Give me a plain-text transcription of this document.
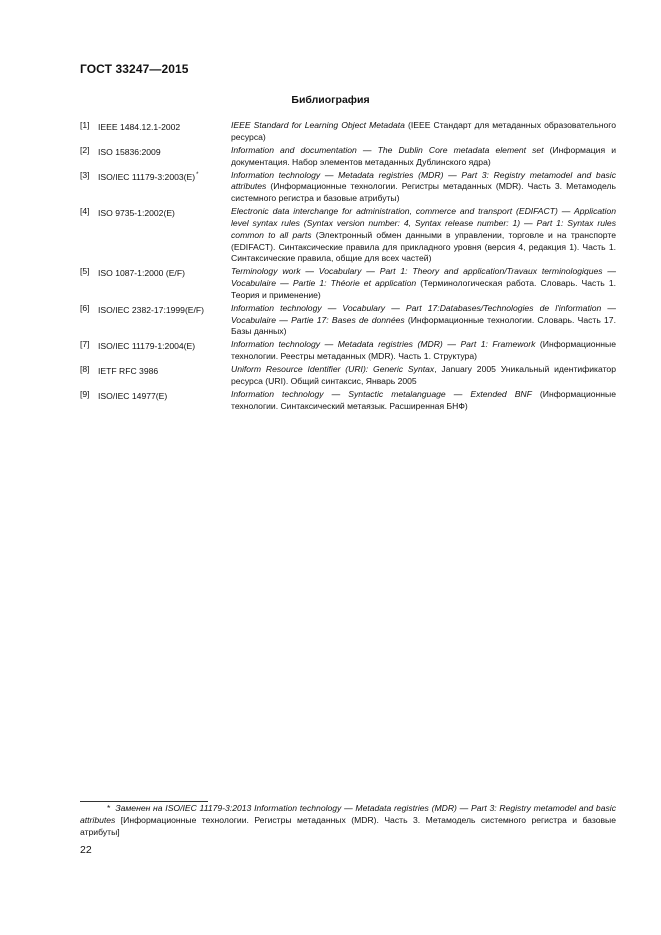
ГОСТ 33247—2015
Библиография
[1] IEEE 1484.12.1-2002	IEEE Standard for Learning Object Metadata (IEEE Стандарт для метаданных образовательного ресурса)
[2] ISO 15836:2009	Information and documentation — The Dublin Core metadata element set (Информация и документация. Набор элементов метаданных Дублинского ядра)
[3] ISO/IEC 11179-3:2003(E)*	Information technology — Metadata registries (MDR) — Part 3: Registry metamodel and basic attributes (Информационные технологии. Регистры метаданных (MDR). Часть 3. Метамодель системного регистра и базовые атрибуты)
[4] ISO 9735-1:2002(E)	Electronic data interchange for administration, commerce and transport (EDIFACT) — Application level syntax rules (Syntax version number: 4, Syntax release number: 1) — Part 1: Syntax rules common to all parts (Электронный обмен данными в управлении, торговле и на транспорте (EDIFACT). Синтаксические правила для прикладного уровня (версия 4, редакция 1). Часть 1. Синтаксические правила, общие для всех частей)
[5] ISO 1087-1:2000 (E/F)	Terminology work — Vocabulary — Part 1: Theory and application/Travaux terminologiques — Vocabulaire — Partie 1: Théorie et application (Терминологическая работа. Словарь. Часть 1. Теория и применение)
[6] ISO/IEC 2382-17:1999(E/F)	Information technology — Vocabulary — Part 17:Databases/Technologies de l'information — Vocabulaire — Partie 17: Bases de données (Информационные технологии. Словарь. Часть 17. Базы данных)
[7] ISO/IEC 11179-1:2004(E)	Information technology — Metadata registries (MDR) — Part 1: Framework (Информационные технологии. Реестры метаданных (MDR). Часть 1. Структура)
[8] IETF RFC 3986	Uniform Resource Identifier (URI): Generic Syntax, January 2005 Уникальный идентификатор ресурса (URI). Общий синтаксис, Январь 2005
[9] ISO/IEC 14977(E)	Information technology — Syntactic metalanguage — Extended BNF (Информационные технологии. Синтаксический метаязык. Расширенная БНФ)
* Заменен на ISO/IEC 11179-3:2013 Information technology — Metadata registries (MDR) — Part 3: Registry metamodel and basic attributes [Информационные технологии. Регистры метаданных (MDR). Часть 3. Метамодель системного регистра и базовые атрибуты]
22
